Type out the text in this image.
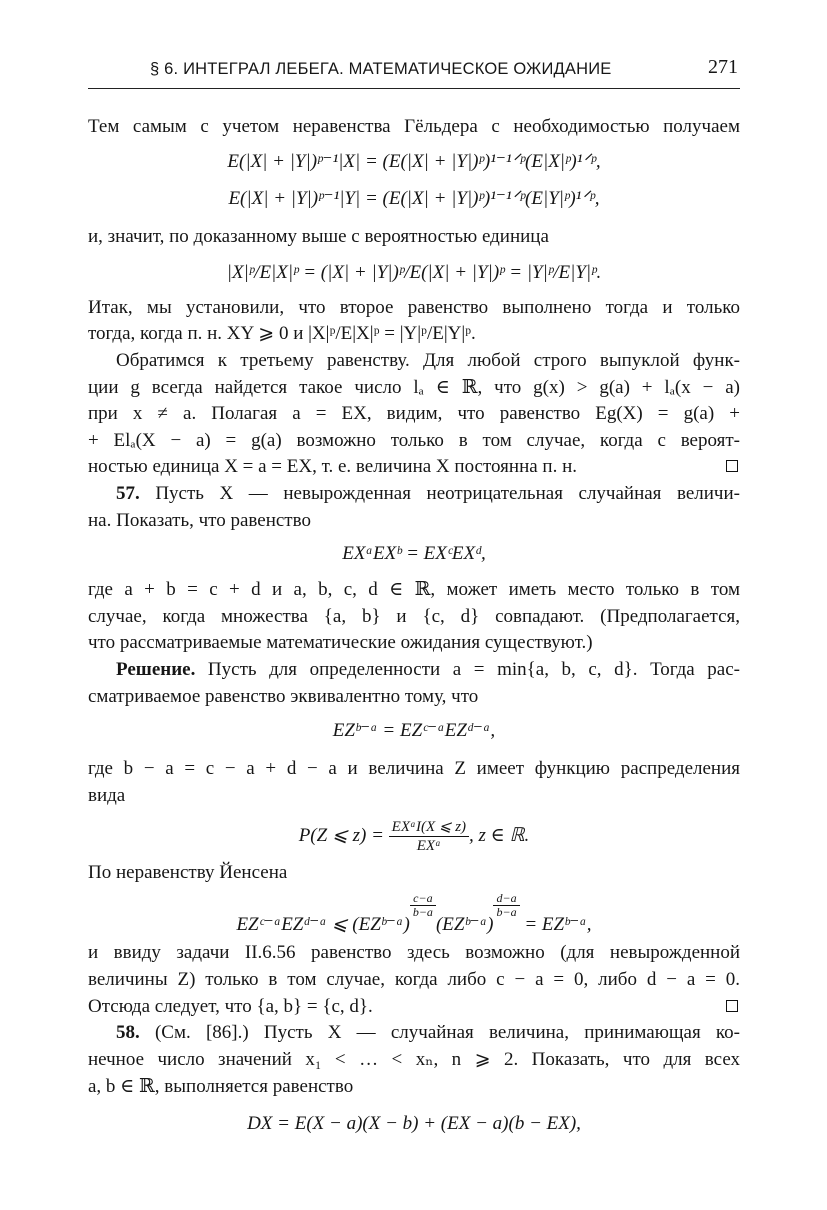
§ 6. ИНТЕГРАЛ ЛЕБЕГА. МАТЕМАТИЧЕСКОЕ ОЖИДАНИЕ	271
Тем самым с учетом неравенства Гёльдера с необходимостью получаем
E(|X| + |Y|)ᵖ⁻¹|X| = (E(|X| + |Y|)ᵖ)¹⁻¹ᐟᵖ(E|X|ᵖ)¹ᐟᵖ,
E(|X| + |Y|)ᵖ⁻¹|Y| = (E(|X| + |Y|)ᵖ)¹⁻¹ᐟᵖ(E|Y|ᵖ)¹ᐟᵖ,
и, значит, по доказанному выше с вероятностью единица
|X|ᵖ/E|X|ᵖ = (|X| + |Y|)ᵖ/E(|X| + |Y|)ᵖ = |Y|ᵖ/E|Y|ᵖ.
Итак, мы установили, что второе равенство выполнено тогда и только
тогда, когда п. н. XY ⩾ 0 и |X|ᵖ/E|X|ᵖ = |Y|ᵖ/E|Y|ᵖ.
Обратимся к третьему равенству. Для любой строго выпуклой функ-
ции g всегда найдется такое число lₐ ∈ ℝ, что g(x) > g(a) + lₐ(x − a)
при x ≠ a. Полагая a = EX, видим, что равенство Eg(X) = g(a) +
+ Elₐ(X − a) = g(a) возможно только в том случае, когда с вероят-
ностью единица X = a = EX, т. е. величина X постоянна п. н.
57. Пусть X — невырожденная неотрицательная случайная величи-
на. Показать, что равенство
EXᵃEXᵇ = EXᶜEXᵈ,
где a + b = c + d и a, b, c, d ∈ ℝ, может иметь место только в том
случае, когда множества {a, b} и {c, d} совпадают. (Предполагается,
что рассматриваемые математические ожидания существуют.)
Решение. Пусть для определенности a = min{a, b, c, d}. Тогда рас-
сматриваемое равенство эквивалентно тому, что
EZᵇ⁻ᵃ = EZᶜ⁻ᵃEZᵈ⁻ᵃ,
где b − a = c − a + d − a и величина Z имеет функцию распределения
вида
P(Z ⩽ $z) = \frac{\text{EXᵃI(X ⩽ z)}}{\text{EXᵃ}}$ , z ∈ ℝ.
По неравенству Йенсена
EZᶜ⁻ᵃEZᵈ⁻ᵃ ⩽ (EZᵇ⁻ᵃ)
$\frac{c-a}{b-a}$
(EZᵇ⁻ᵃ)
$\frac{d-a}{b-a}$
= EZᵇ⁻ᵃ,
и ввиду задачи II.6.56 равенство здесь возможно (для невырожденной
величины Z) только в том случае, когда либо c − a = 0, либо d − a = 0.
Отсюда следует, что {a, b} = {c, d}.
58. (См. [86].) Пусть X — случайная величина, принимающая ко-
нечное число значений x₁ < … < xₙ, n ⩾ 2. Показать, что для всех
a, b ∈ ℝ, выполняется равенство
DX = E(X − a)(X − b) + (EX − a)(b − EX),
